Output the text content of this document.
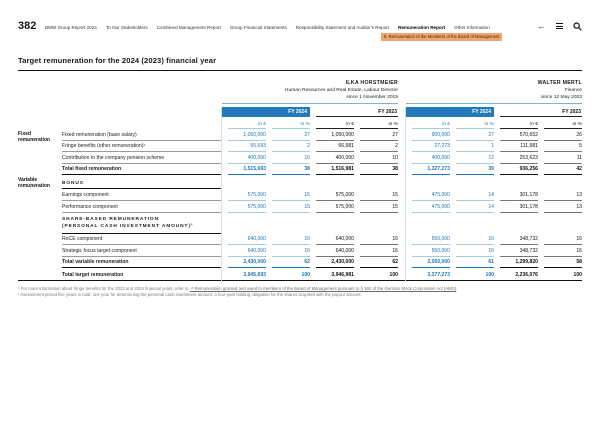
382 BMW Group Report 2024 To Our Stakeholders Combined Management Report Group Financial Statements Responsibility Statement and Auditor's Report Remuneration Report Other Information
5. Remuneration of the Members of the Board of Management
←
Target remuneration for the 2024 (2023) financial year
ILKA HORSTMEIER
Human Resources and Real Estate, Labour Director
since 1 November 2019
WALTER MERTL
Finance
since 12 May 2023
FY 2024	FY 2023	FY 2024	FY 2023
in €	in %	in €	in %	in €	in %	in €	in %
Fixed remuneration
Fixed remuneration (base salary)	1,050,000	27	1,050,000	27	900,000	27	570,652	26
Fringe benefits (other remuneration)¹	65,693	2	66,981	2	27,273	1	111,981	5
Contribution to the company pension scheme	400,000	10	400,000	10	400,000	12	253,623	11
Total fixed remuneration	1,515,693	38	1,516,981	38	1,327,273	39	936,256	42
Variable remuneration	BONUS
Earnings component	575,000	15	575,000	15	475,000	14	301,178	13
Performance component	575,000	15	575,000	15	475,000	14	301,178	13
SHARE-BASED REMUNERATION
(PERSONAL CASH INVESTMENT AMOUNT)²
RoCE component	640,000	16	640,000	16	550,000	16	348,732	16
Strategic focus target component	640,000	16	640,000	16	550,000	16	348,732	16
Total variable remuneration	2,430,000	62	2,430,000	62	2,050,000	61	1,299,820	58
Total target remuneration	3,945,693	100	3,946,981	100	3,377,273	100	2,236,076	100
¹ For more information about fringe benefits for the 2023 and 2024 financial years, refer to ↗ Remuneration granted and owed to members of the Board of Management pursuant to § 162 of the German Stock Corporation Act (AktG).
² Assessment period five years in total; one year for determining the personal cash investment amount; a four-year holding obligation for the shares acquired with the payout amount.
